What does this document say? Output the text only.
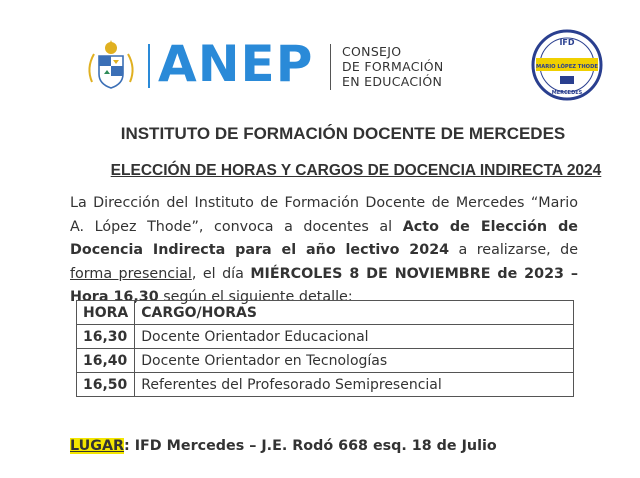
ANEP CONSEJO
DE FORMACIÓN
EN EDUCACIÓN
IFD
MARIO LÓPEZ THODE
MERCEDES
INSTITUTO DE FORMACIÓN DOCENTE DE MERCEDES
ELECCIÓN DE HORAS Y CARGOS DE DOCENCIA INDIRECTA 2024

La Dirección del Instituto de Formación Docente de Mercedes “Mario A. López Thode”, convoca a docentes al Acto de Elección de Docencia Indirecta para el año lectivo 2024 a realizarse, de forma presencial, el día MIÉRCOLES 8 DE NOVIEMBRE de 2023 – Hora 16,30 según el siguiente detalle:

HORA	CARGO/HORAS
16,30	Docente Orientador Educacional
16,40	Docente Orientador en Tecnologías
16,50	Referentes del Profesorado Semipresencial
LUGAR: IFD Mercedes – J.E. Rodó 668 esq. 18 de Julio
